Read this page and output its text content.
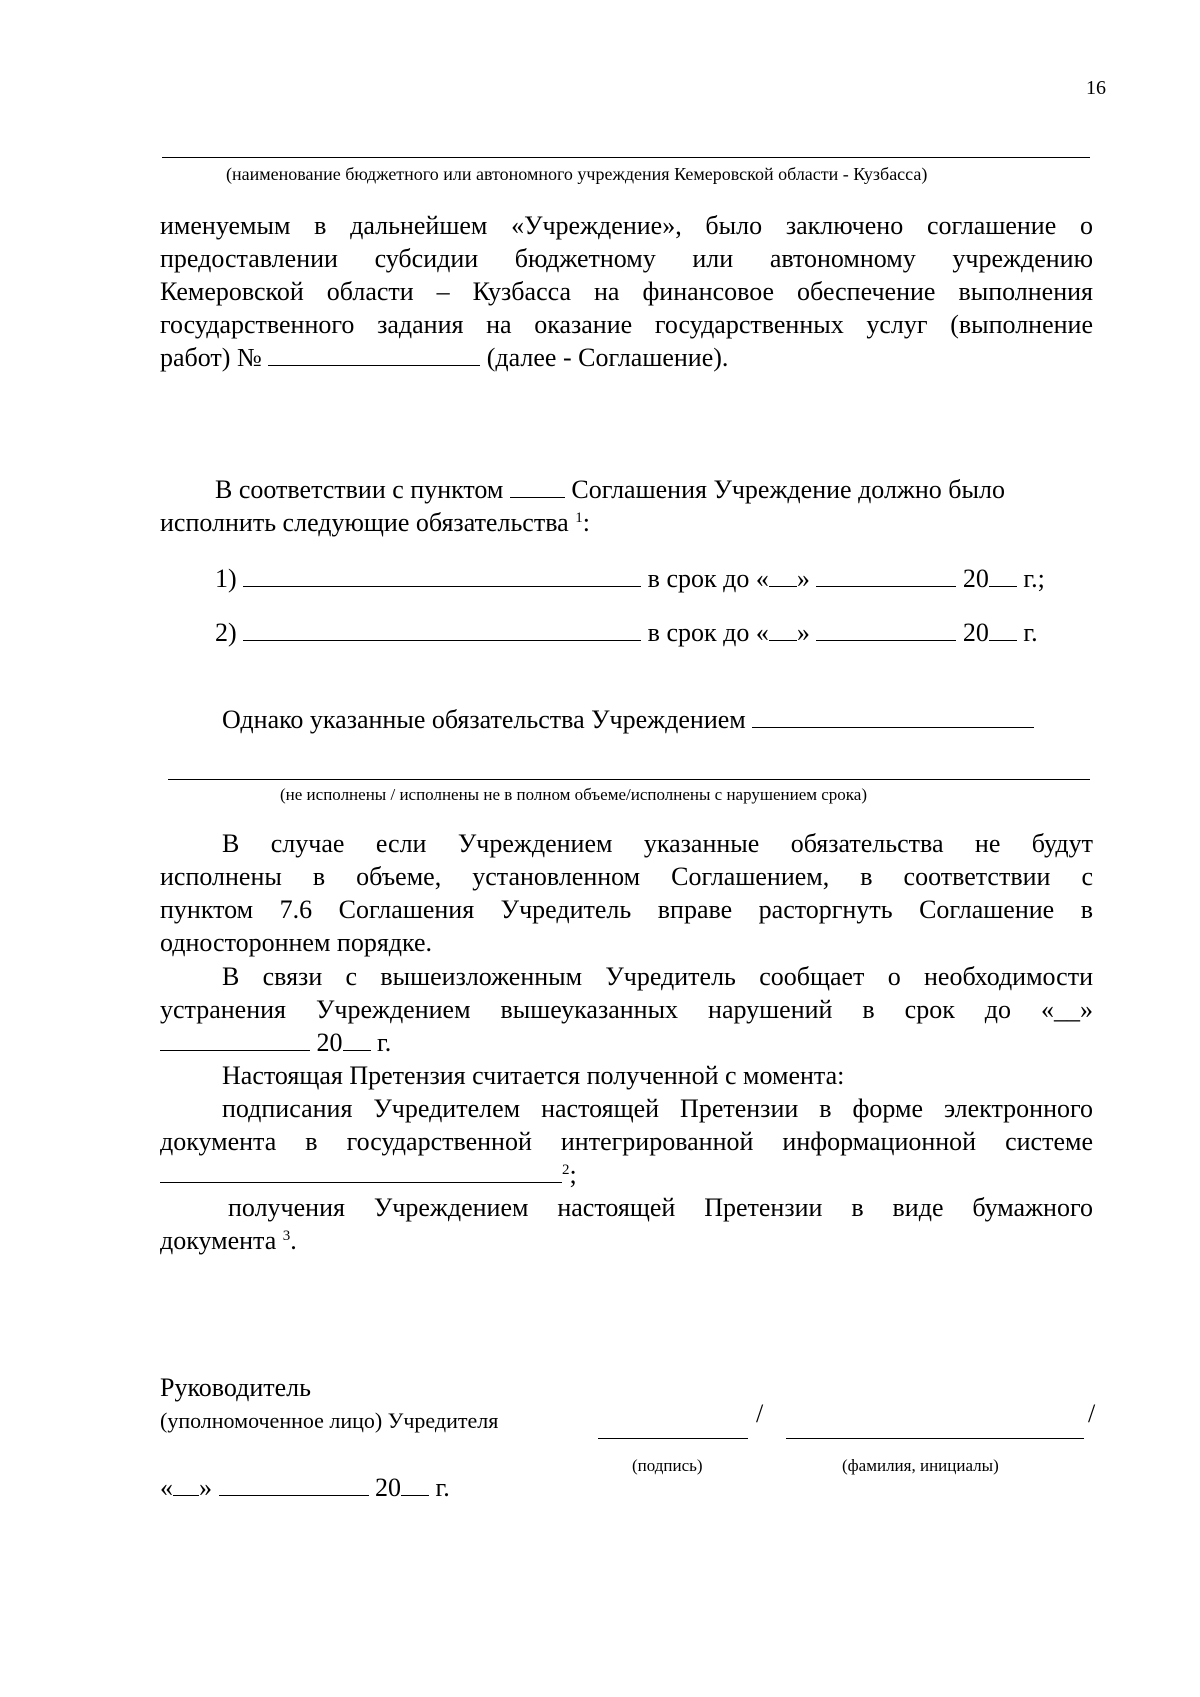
16
(наименование бюджетного или автономного учреждения Кемеровской области - Кузбасса)
именуемым в дальнейшем «Учреждение», было заключено соглашение о
предоставлении субсидии бюджетному или автономному учреждению
Кемеровской области – Кузбасса на финансовое обеспечение выполнения
государственного задания на оказание государственных услуг (выполнение
работ) №	(далее - Соглашение).
В соответствии с пунктом	Соглашения Учреждение должно было
исполнить следующие обязательства $^1$:
1)	в срок до « »	20 г.;
2)	в срок до « »	20 г.
Однако указанные обязательства Учреждением
(не исполнены / исполнены не в полном объеме/исполнены с нарушением срока)
В случае если Учреждением указанные обязательства не будут
исполнены в объеме, установленном Соглашением, в соответствии с
пунктом 7.6 Соглашения Учредитель вправе расторгнуть Соглашение в
одностороннем порядке.
В связи с вышеизложенным Учредитель сообщает о необходимости
устранения Учреждением вышеуказанных нарушений в срок до «__»
20 г.
Настоящая Претензия считается полученной с момента:
подписания Учредителем настоящей Претензии в форме электронного
документа в государственной интегрированной информационной системе
$^2$;
получения Учреждением настоящей Претензии в виде бумажного
документа $^3$.
Руководитель
(уполномоченное лицо) Учредителя	/	/
(подпись)	(фамилия, инициалы)
« »	20 г.
